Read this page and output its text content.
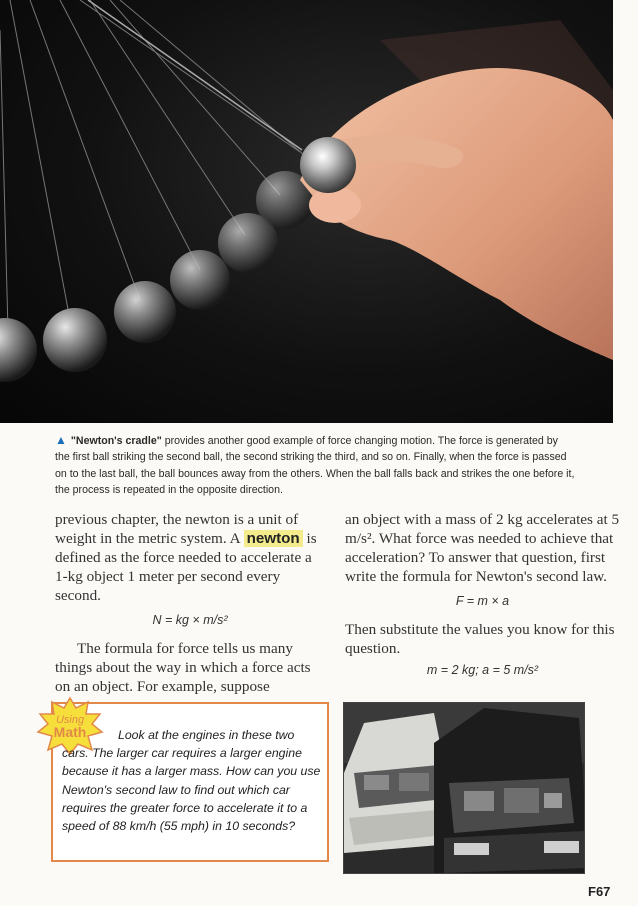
▲ "Newton's cradle" provides another good example of force changing motion. The force is generated by the first ball striking the second ball, the second striking the third, and so on. Finally, when the force is passed on to the last ball, the ball bounces away from the others. When the ball falls back and strikes the one before it, the process is repeated in the opposite direction.

previous chapter, the newton is a unit of weight in the metric system. A newton is defined as the force needed to accelerate a 1-kg object 1 meter per second every second.

N = kg × m/s²

The formula for force tells us many things about the way in which a force acts on an object. For example, suppose

an object with a mass of 2 kg accelerates at 5 m/s². What force was needed to achieve that acceleration? To answer that question, first write the formula for Newton's second law.

F = m × a

Then substitute the values you know for this question.

m = 2 kg; a = 5 m/s²

Using
Math	Look at the engines in these two cars. The larger car requires a larger engine because it has a larger mass. How can you use Newton's second law to find out which car requires the greater force to accelerate it to a speed of 88 km/h (55 mph) in 10 seconds?
F67
